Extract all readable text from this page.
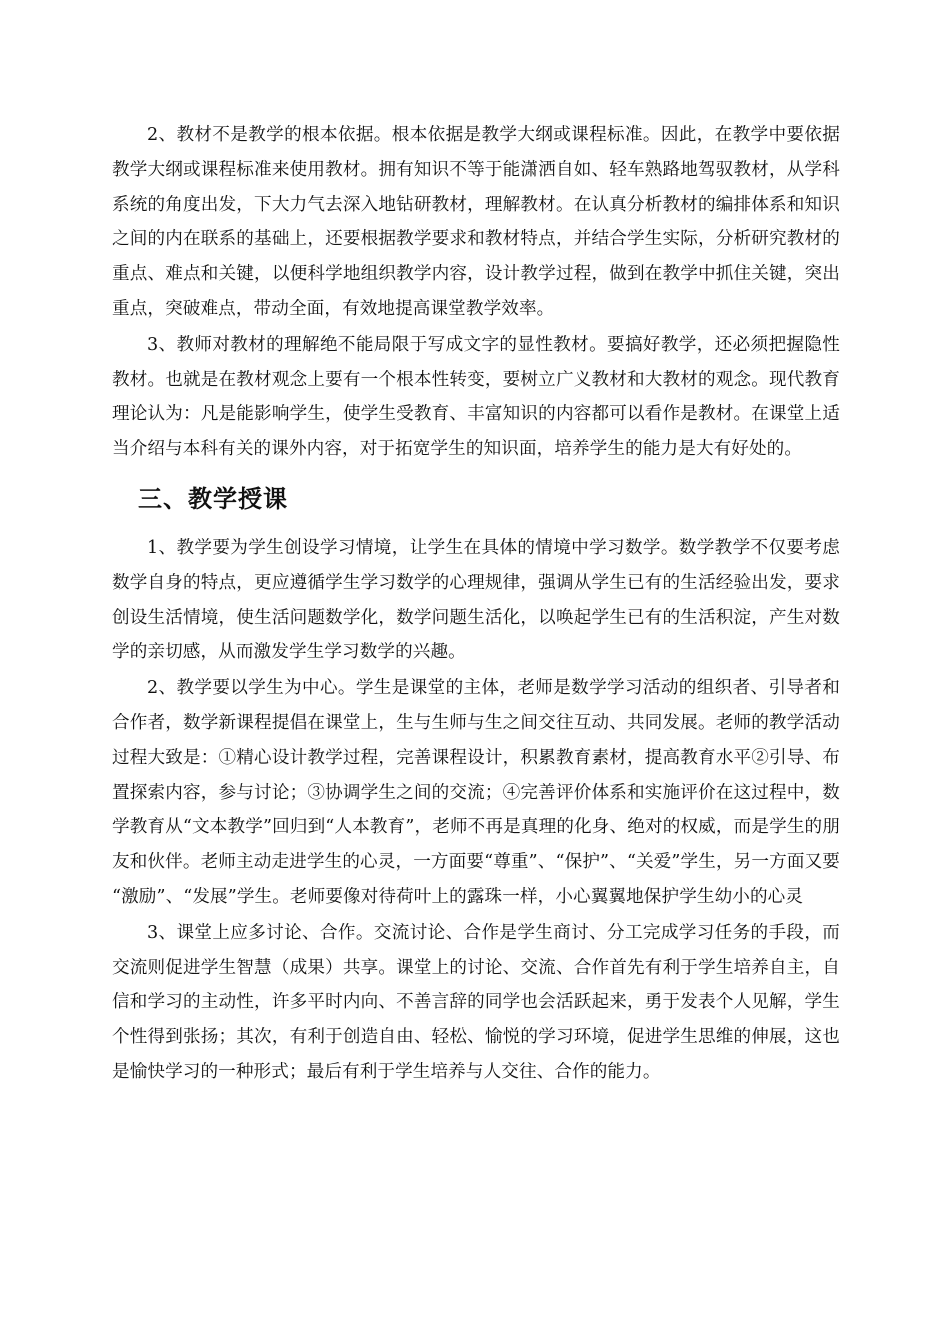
2、教材不是教学的根本依据。根本依据是教学大纲或课程标准。因此，在教学中要依据教学大纲或课程标准来使用教材。拥有知识不等于能潇洒自如、轻车熟路地驾驭教材，从学科系统的角度出发，下大力气去深入地钻研教材，理解教材。在认真分析教材的编排体系和知识之间的内在联系的基础上，还要根据教学要求和教材特点，并结合学生实际，分析研究教材的重点、难点和关键，以便科学地组织教学内容，设计教学过程，做到在教学中抓住关键，突出重点，突破难点，带动全面，有效地提高课堂教学效率。

3、教师对教材的理解绝不能局限于写成文字的显性教材。要搞好教学，还必须把握隐性教材。也就是在教材观念上要有一个根本性转变，要树立广义教材和大教材的观念。现代教育理论认为：凡是能影响学生，使学生受教育、丰富知识的内容都可以看作是教材。在课堂上适当介绍与本科有关的课外内容，对于拓宽学生的知识面，培养学生的能力是大有好处的。

三、教学授课

1、教学要为学生创设学习情境，让学生在具体的情境中学习数学。数学教学不仅要考虑数学自身的特点，更应遵循学生学习数学的心理规律，强调从学生已有的生活经验出发，要求创设生活情境，使生活问题数学化，数学问题生活化，以唤起学生已有的生活积淀，产生对数学的亲切感，从而激发学生学习数学的兴趣。

2、教学要以学生为中心。学生是课堂的主体，老师是数学学习活动的组织者、引导者和合作者，数学新课程提倡在课堂上，生与生师与生之间交往互动、共同发展。老师的教学活动过程大致是：①精心设计教学过程，完善课程设计，积累教育素材，提高教育水平②引导、布置探索内容，参与讨论；③协调学生之间的交流；④完善评价体系和实施评价在这过程中，数学教育从“文本教学”回归到“人本教育”，老师不再是真理的化身、绝对的权威，而是学生的朋友和伙伴。老师主动走进学生的心灵，一方面要“尊重”、“保护”、“关爱”学生，另一方面又要 “激励”、“发展”学生。老师要像对待荷叶上的露珠一样，小心翼翼地保护学生幼小的心灵

3、课堂上应多讨论、合作。交流讨论、合作是学生商讨、分工完成学习任务的手段，而交流则促进学生智慧（成果）共享。课堂上的讨论、交流、合作首先有利于学生培养自主，自信和学习的主动性，许多平时内向、不善言辞的同学也会活跃起来，勇于发表个人见解，学生个性得到张扬；其次，有利于创造自由、轻松、愉悦的学习环境，促进学生思维的伸展，这也是愉快学习的一种形式；最后有利于学生培养与人交往、合作的能力。
